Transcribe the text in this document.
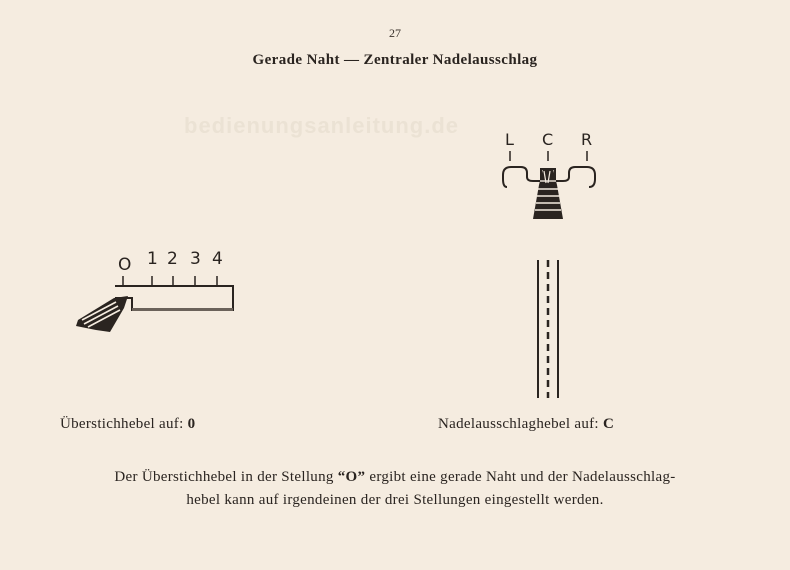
27
Gerade Naht — Zentraler Nadelausschlag
bedienungsanleitung.de
O 1 2 3 4
L C R
Überstichhebel auf: 0	Nadelausschlaghebel auf: C
Der Überstichhebel in der Stellung “O” ergibt eine gerade Naht und der Nadelausschlag-
hebel kann auf irgendeinen der drei Stellungen eingestellt werden.
